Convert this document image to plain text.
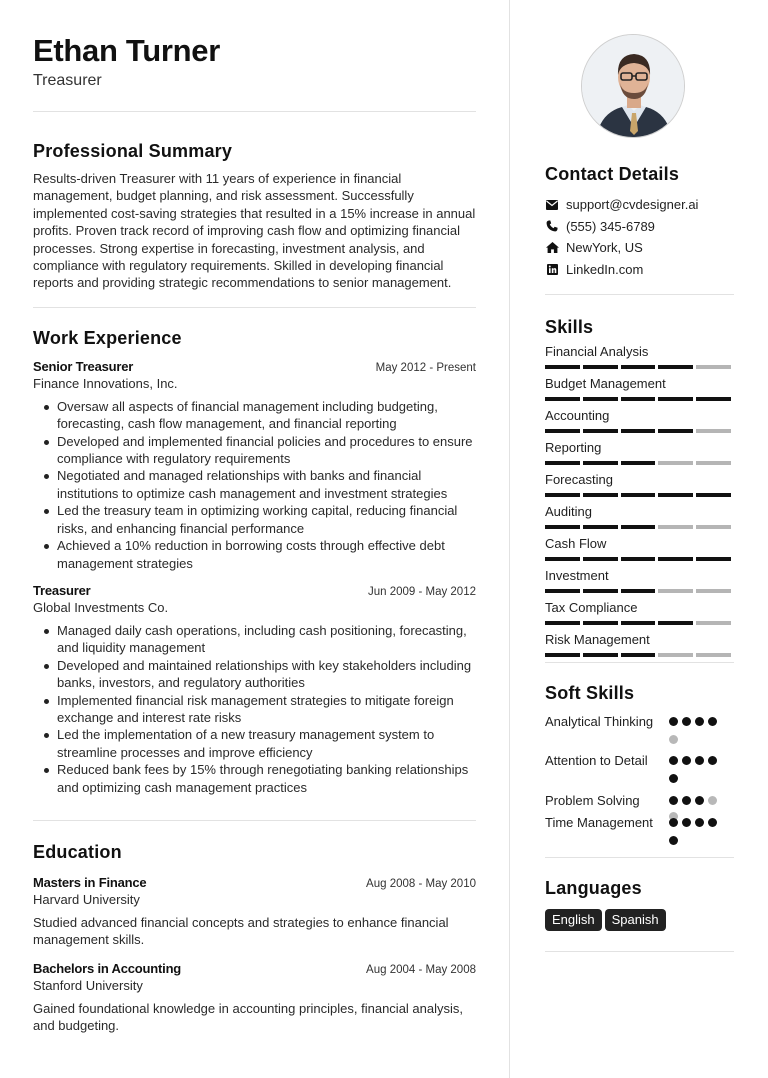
Ethan Turner
Treasurer
Professional Summary
Results-driven Treasurer with 11 years of experience in financial management, budget planning, and risk assessment. Successfully implemented cost-saving strategies that resulted in a 15% increase in annual profits. Proven track record of improving cash flow and optimizing financial processes. Strong expertise in forecasting, investment analysis, and compliance with regulatory requirements. Skilled in developing financial reports and providing strategic recommendations to senior management.
Work Experience
Senior Treasurer	May 2012 - Present
Finance Innovations, Inc.
Oversaw all aspects of financial management including budgeting, forecasting, cash flow management, and financial reporting
Developed and implemented financial policies and procedures to ensure compliance with regulatory requirements
Negotiated and managed relationships with banks and financial institutions to optimize cash management and investment strategies
Led the treasury team in optimizing working capital, reducing financial risks, and enhancing financial performance
Achieved a 10% reduction in borrowing costs through effective debt management strategies
Treasurer	Jun 2009 - May 2012
Global Investments Co.
Managed daily cash operations, including cash positioning, forecasting, and liquidity management
Developed and maintained relationships with key stakeholders including banks, investors, and regulatory authorities
Implemented financial risk management strategies to mitigate foreign exchange and interest rate risks
Led the implementation of a new treasury management system to streamline processes and improve efficiency
Reduced bank fees by 15% through renegotiating banking relationships and optimizing cash management practices
Education
Masters in Finance	Aug 2008 - May 2010
Harvard University
Studied advanced financial concepts and strategies to enhance financial management skills.
Bachelors in Accounting	Aug 2004 - May 2008
Stanford University
Gained foundational knowledge in accounting principles, financial analysis, and budgeting.
Contact Details
support@cvdesigner.ai
(555) 345-6789
NewYork, US
LinkedIn.com
Skills
Financial Analysis
Budget Management
Accounting
Reporting
Forecasting
Auditing
Cash Flow
Investment
Tax Compliance
Risk Management
Soft Skills
Analytical Thinking
Attention to Detail
Problem Solving
Time Management
Languages
English Spanish
